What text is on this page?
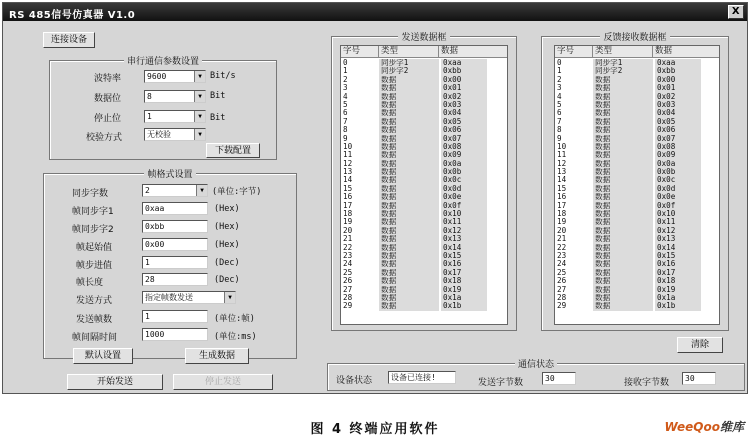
RS 485信号仿真器 V1.0	X
连接设备
串行通信参数设置
波特率	9600	▼ Bit/s
数据位	8	▼ Bit
停止位	1	▼ Bit
校验方式	无校验	▼
下载配置
帧格式设置
同步字数	2	▼ (单位:字节)
帧同步字1	0xaa	(Hex)
帧同步字2	0xbb	(Hex)
帧起始值	0x00	(Hex)
帧步进值	1	(Dec)
帧长度	28	(Dec)
发送方式	指定帧数发送	▼
发送帧数	1	(单位:帧)
帧间隔时间	1000	(单位:ms)
默认设置	生成数据
开始发送	停止发送
发送数据框
字号	类型	数据
0	同步字1	0xaa
1	同步字2	0xbb
2	数据	0x00
3	数据	0x01
4	数据	0x02
5	数据	0x03
6	数据	0x04
7	数据	0x05
8	数据	0x06
9	数据	0x07
10	数据	0x08
11	数据	0x09
12	数据	0x0a
13	数据	0x0b
14	数据	0x0c
15	数据	0x0d
16	数据	0x0e
17	数据	0x0f
18	数据	0x10
19	数据	0x11
20	数据	0x12
21	数据	0x13
22	数据	0x14
23	数据	0x15
24	数据	0x16
25	数据	0x17
26	数据	0x18
27	数据	0x19
28	数据	0x1a
29	数据	0x1b
反馈接收数据框
字号	类型	数据
0	同步字1	0xaa
1	同步字2	0xbb
2	数据	0x00
3	数据	0x01
4	数据	0x02
5	数据	0x03
6	数据	0x04
7	数据	0x05
8	数据	0x06
9	数据	0x07
10	数据	0x08
11	数据	0x09
12	数据	0x0a
13	数据	0x0b
14	数据	0x0c
15	数据	0x0d
16	数据	0x0e
17	数据	0x0f
18	数据	0x10
19	数据	0x11
20	数据	0x12
21	数据	0x13
22	数据	0x14
23	数据	0x15
24	数据	0x16
25	数据	0x17
26	数据	0x18
27	数据	0x19
28	数据	0x1a
29	数据	0x1b
清除
通信状态
设备状态	设备已连接!
发送字节数	30	接收字节数	30
图 4 终端应用软件	WeeQoo维库
